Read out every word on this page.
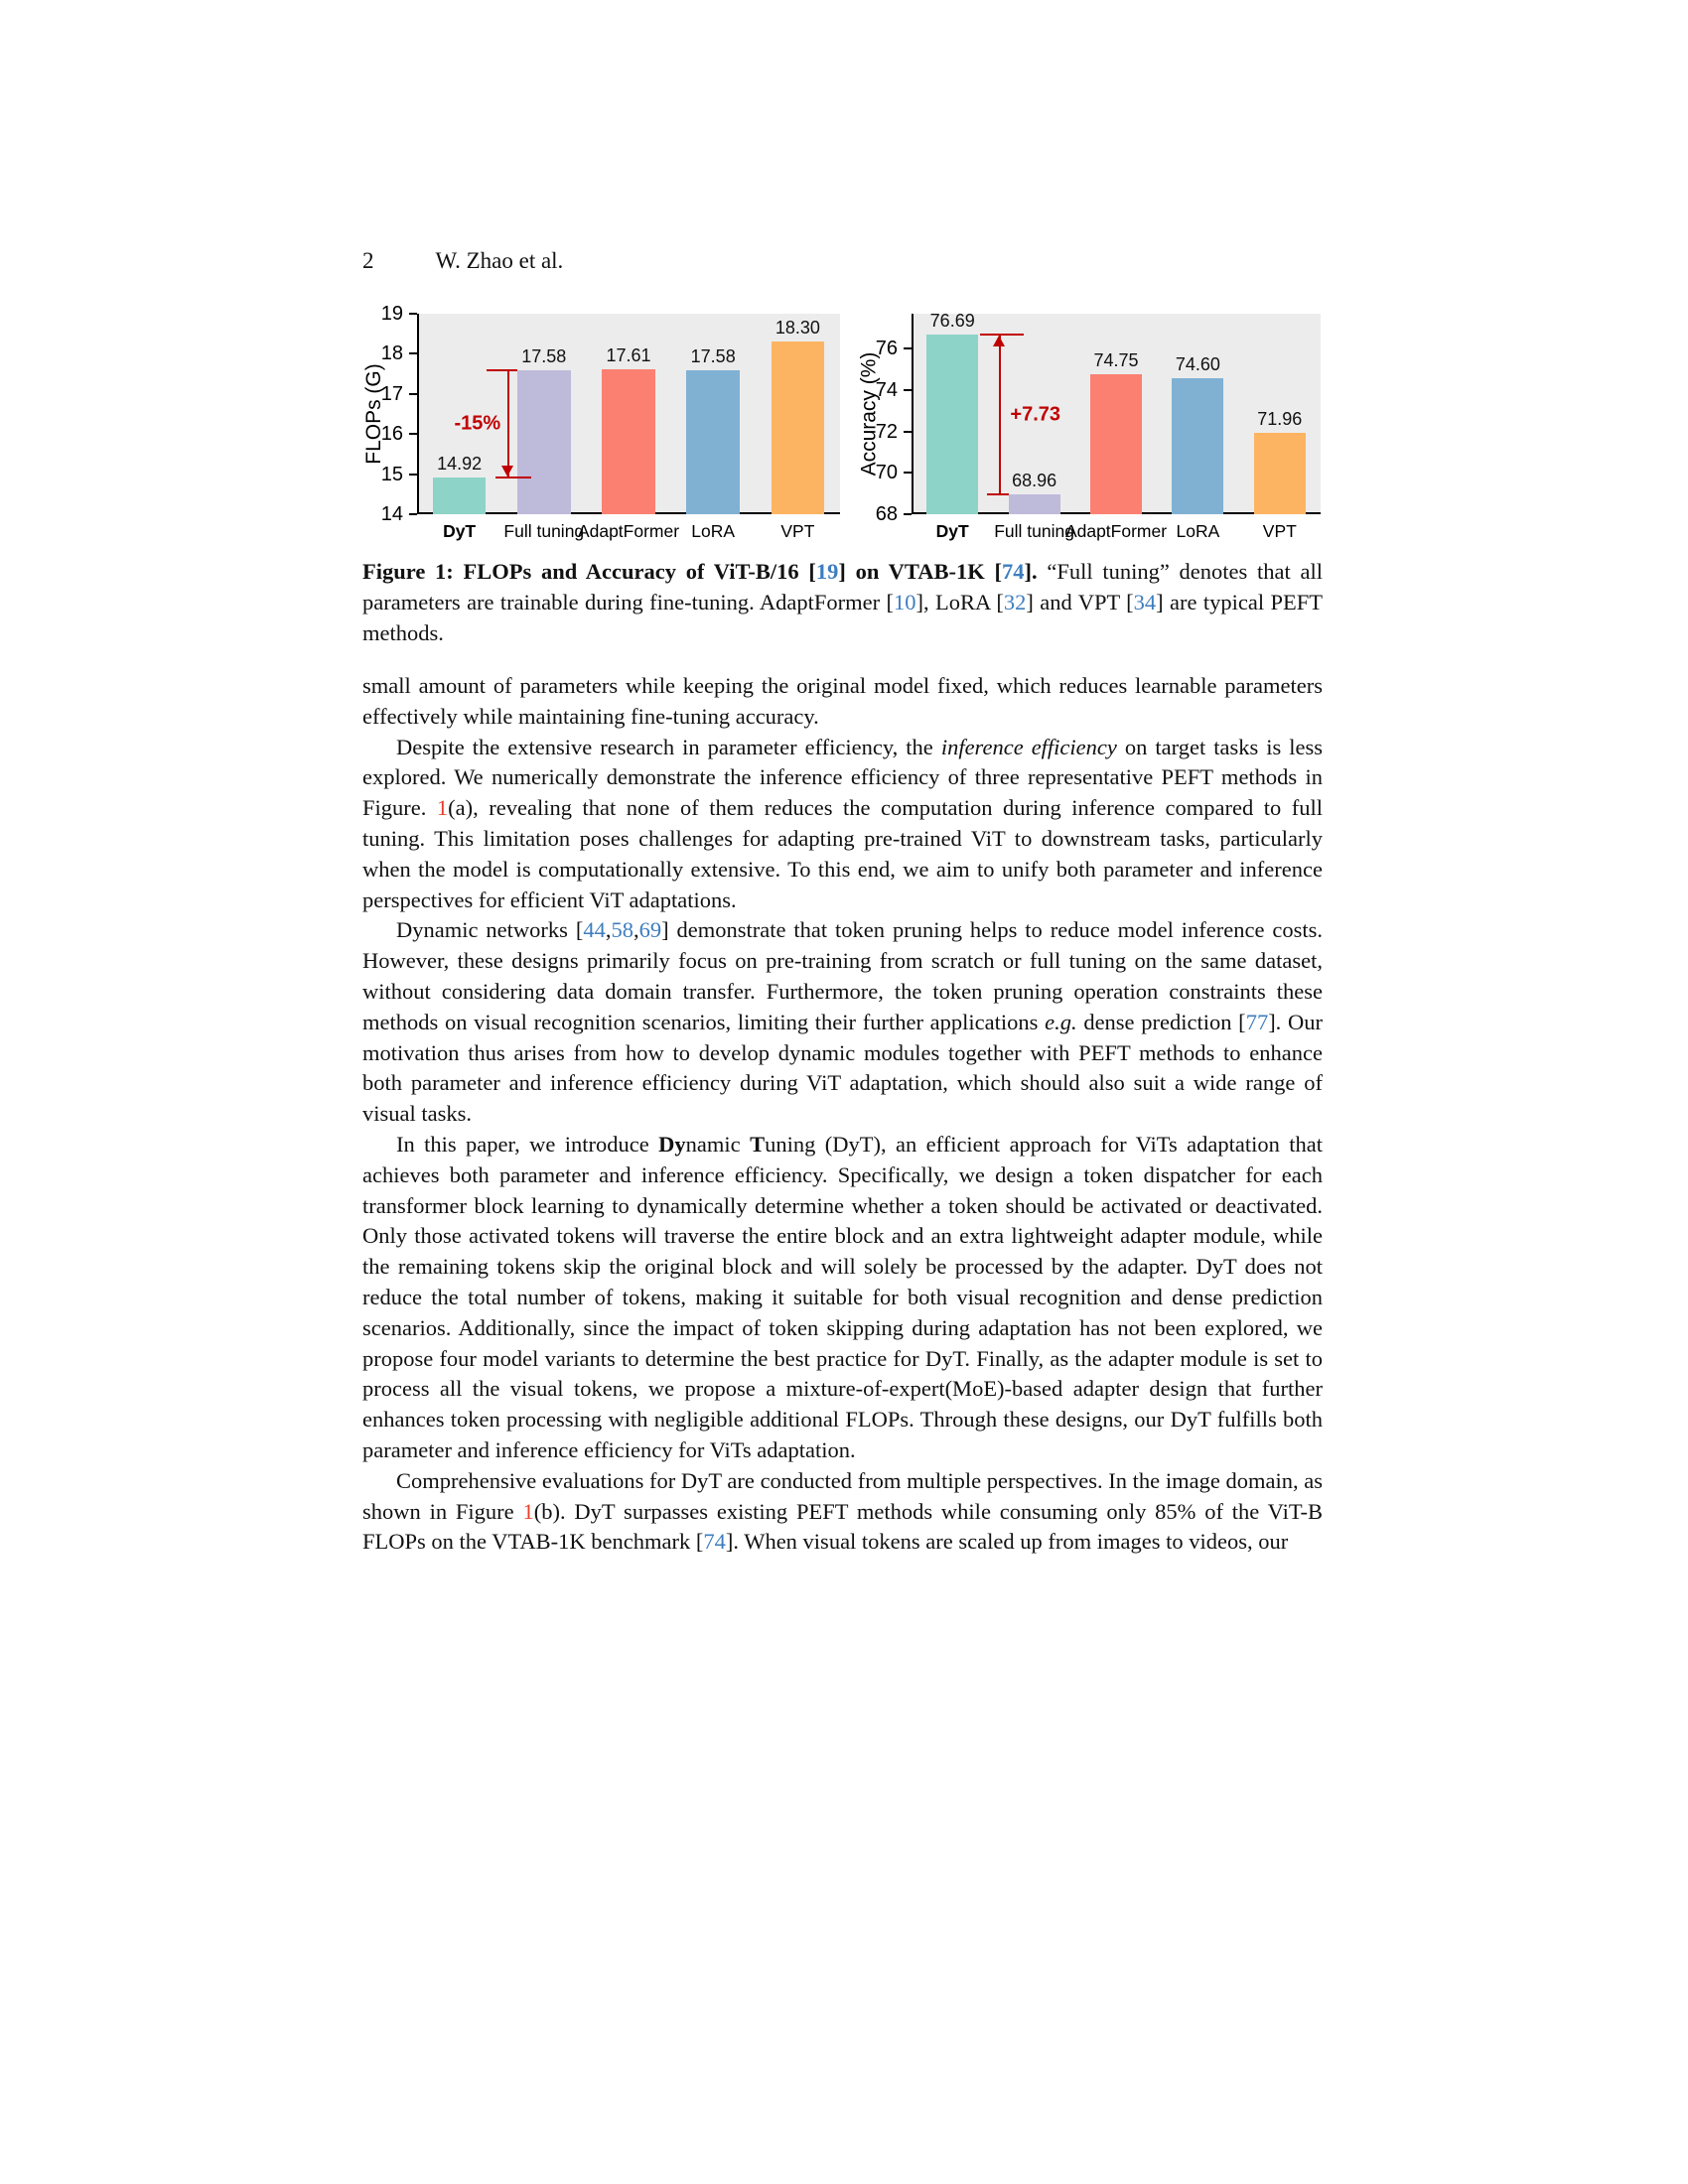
2	W. Zhao et al.
FLOPs (G)
14
15
16
17
18
19
14.92
DyT
17.58
Full tuning
17.61
AdaptFormer
17.58
LoRA
18.30
VPT
-15%	Accuracy (%)
68
70
72
74
76
76.69
DyT
68.96
Full tuning
74.75
AdaptFormer
74.60
LoRA
71.96
VPT
+7.73
Figure 1: FLOPs and Accuracy of ViT-B/16 [19] on VTAB-1K [74]. “Full tuning” denotes that all parameters are trainable during fine-tuning. AdaptFormer [10], LoRA [32] and VPT [34] are typical PEFT methods.

small amount of parameters while keeping the original model fixed, which reduces learnable parameters effectively while maintaining fine-tuning accuracy.

Despite the extensive research in parameter efficiency, the inference efficiency on target tasks is less explored. We numerically demonstrate the inference efficiency of three representative PEFT methods in Figure. 1(a), revealing that none of them reduces the computation during inference compared to full tuning. This limitation poses challenges for adapting pre-trained ViT to downstream tasks, particularly when the model is computationally extensive. To this end, we aim to unify both parameter and inference perspectives for efficient ViT adaptations.

Dynamic networks [44,58,69] demonstrate that token pruning helps to reduce model inference costs. However, these designs primarily focus on pre-training from scratch or full tuning on the same dataset, without considering data domain transfer. Furthermore, the token pruning operation constraints these methods on visual recognition scenarios, limiting their further applications e.g. dense prediction [77]. Our motivation thus arises from how to develop dynamic modules together with PEFT methods to enhance both parameter and inference efficiency during ViT adaptation, which should also suit a wide range of visual tasks.

In this paper, we introduce Dynamic Tuning (DyT), an efficient approach for ViTs adaptation that achieves both parameter and inference efficiency. Specifically, we design a token dispatcher for each transformer block learning to dynamically determine whether a token should be activated or deactivated. Only those activated tokens will traverse the entire block and an extra lightweight adapter module, while the remaining tokens skip the original block and will solely be processed by the adapter. DyT does not reduce the total number of tokens, making it suitable for both visual recognition and dense prediction scenarios. Additionally, since the impact of token skipping during adaptation has not been explored, we propose four model variants to determine the best practice for DyT. Finally, as the adapter module is set to process all the visual tokens, we propose a mixture-of-expert(MoE)-based adapter design that further enhances token processing with negligible additional FLOPs. Through these designs, our DyT fulfills both parameter and inference efficiency for ViTs adaptation.

Comprehensive evaluations for DyT are conducted from multiple perspectives. In the image domain, as shown in Figure 1(b). DyT surpasses existing PEFT methods while consuming only 85% of the ViT-B FLOPs on the VTAB-1K benchmark [74]. When visual tokens are scaled up from images to videos, our
